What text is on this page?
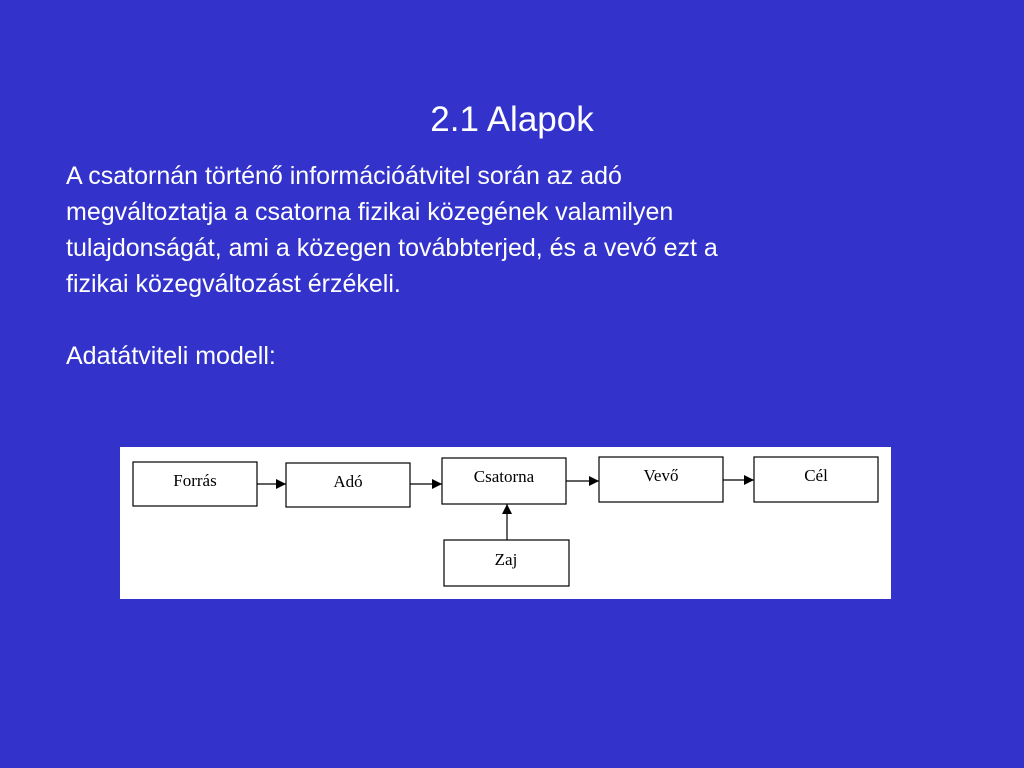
2.1 Alapok
A csatornán történő információátvitel során az adó
megváltoztatja a csatorna fizikai közegének valamilyen
tulajdonságát, ami a közegen továbbterjed, és a vevő ezt a
fizikai közegváltozást érzékeli.
Adatátviteli modell:
Forrás	Adó	Csatorna	Vevő	Cél
Zaj
